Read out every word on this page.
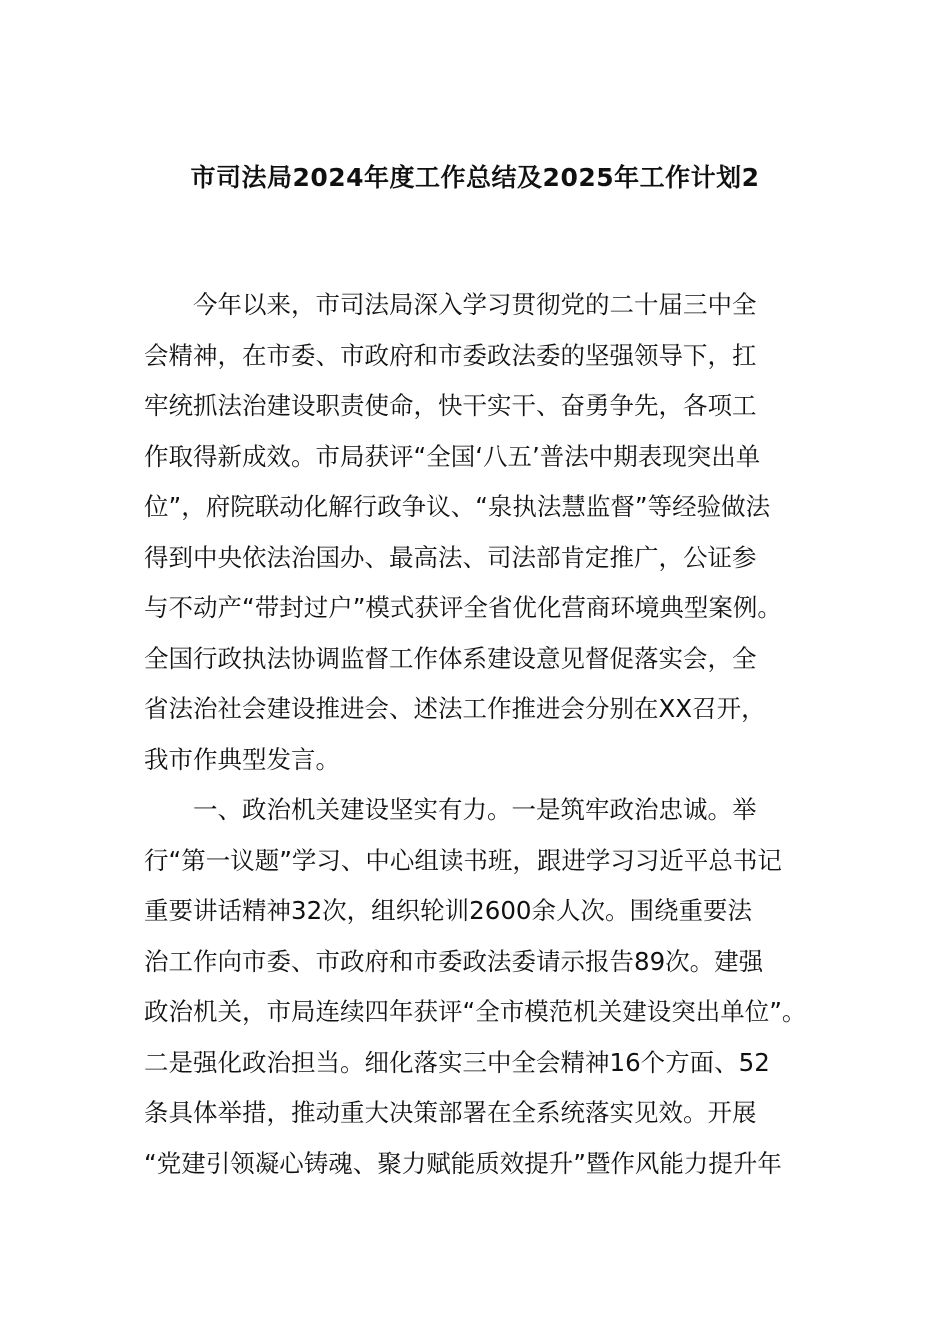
市司法局2024年度工作总结及2025年工作计划2

今年以来，市司法局深入学习贯彻党的二十届三中全
会精神，在市委、市政府和市委政法委的坚强领导下，扛
牢统抓法治建设职责使命，快干实干、奋勇争先，各项工
作取得新成效。市局获评“全国‘八五’普法中期表现突出单
位”，府院联动化解行政争议、“泉执法慧监督”等经验做法
得到中央依法治国办、最高法、司法部肯定推广，公证参
与不动产“带封过户”模式获评全省优化营商环境典型案例。
全国行政执法协调监督工作体系建设意见督促落实会，全
省法治社会建设推进会、述法工作推进会分别在XX召开，
我市作典型发言。

一、政治机关建设坚实有力。一是筑牢政治忠诚。举
行“第一议题”学习、中心组读书班，跟进学习习近平总书记
重要讲话精神32次，组织轮训2600余人次。围绕重要法
治工作向市委、市政府和市委政法委请示报告89次。建强
政治机关，市局连续四年获评“全市模范机关建设突出单位”。
二是强化政治担当。细化落实三中全会精神16个方面、52
条具体举措，推动重大决策部署在全系统落实见效。开展
“党建引领凝心铸魂、聚力赋能质效提升”暨作风能力提升年
